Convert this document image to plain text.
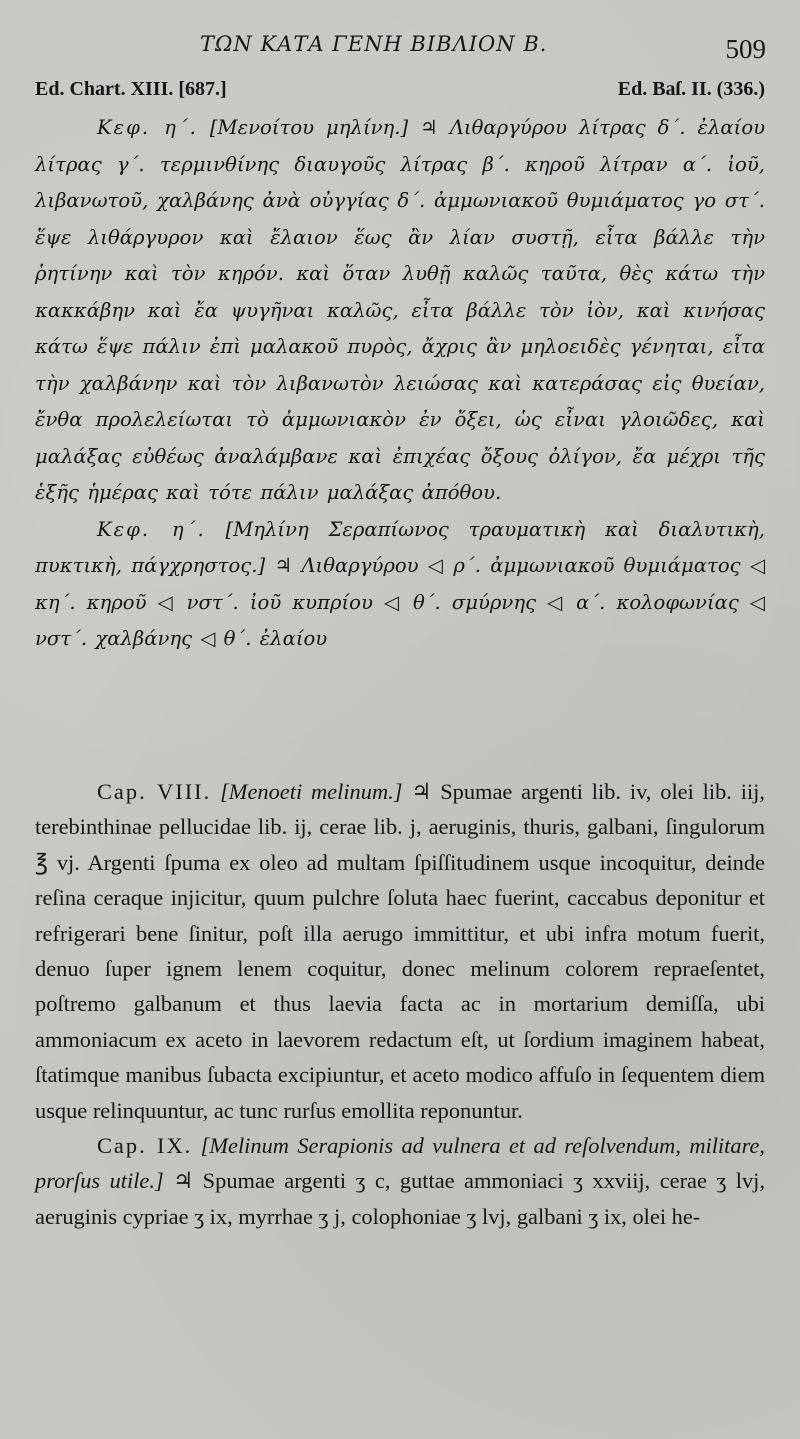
ΤΩΝ ΚΑΤΑ ΓΕΝΗ ΒΙΒΛΙΟΝ Β.	509
Ed. Chart. XIII. [687.]	Ed. Baſ. II. (336.)

Κεφ. η΄. [Μενοίτου μηλίνη.] ♃ Λιθαργύρου λίτρας δ΄. ἐλαίου λίτρας γ΄. τερμινθίνης διαυγοῦς λίτρας β΄. κηροῦ λίτραν α΄. ἰοῦ, λιβανωτοῦ, χαλβάνης ἀνὰ οὐγγίας δ΄. ἀμμωνιακοῦ θυμιάματος γο στ΄. ἕψε λιθάργυρον καὶ ἔλαιον ἕως ἂν λίαν συστῇ, εἶτα βάλλε τὴν ῥητίνην καὶ τὸν κηρόν. καὶ ὅταν λυθῇ καλῶς ταῦτα, θὲς κάτω τὴν κακκάβην καὶ ἔα ψυγῆναι καλῶς, εἶτα βάλλε τὸν ἰὸν, καὶ κινήσας κάτω ἕψε πάλιν ἐπὶ μαλακοῦ πυρὸς, ἄχρις ἂν μηλοειδὲς γένηται, εἶτα τὴν χαλβάνην καὶ τὸν λιβανωτὸν λειώσας καὶ κατεράσας εἰς θυείαν, ἔνθα προλελείωται τὸ ἀμμωνιακὸν ἐν ὄξει, ὡς εἶναι γλοιῶδες, καὶ μαλάξας εὐθέως ἀναλάμβανε καὶ ἐπιχέας ὄξους ὀλίγον, ἔα μέχρι τῆς ἑξῆς ἡμέρας καὶ τότε πάλιν μαλάξας ἀπόθου.

Κεφ. η΄. [Μηλίνη Σεραπίωνος τραυματικὴ καὶ διαλυτικὴ, πυκτικὴ, πάγχρηστος.] ♃ Λιθαργύρου ◁ ρ΄. ἀμμωνιακοῦ θυμιάματος ◁ κη΄. κηροῦ ◁ νστ΄. ἰοῦ κυπρίου ◁ θ΄. σμύρνης ◁ α΄. κολοφωνίας ◁ νστ΄. χαλβάνης ◁ θ΄. ἐλαίου

Cap. VIII. [Menoeti melinum.] ♃ Spumae argenti lib. iv, olei lib. iij, terebinthinae pellucidae lib. ij, cerae lib. j, aeruginis, thuris, galbani, ſingulorum ℥ vj. Argenti ſpuma ex oleo ad multam ſpiſſitudinem usque incoquitur, deinde reſina ceraque injicitur, quum pulchre ſoluta haec fuerint, caccabus deponitur et refrigerari bene ſinitur, poſt illa aerugo immittitur, et ubi infra motum fuerit, denuo ſuper ignem lenem coquitur, donec melinum colorem repraeſentet, poſtremo galbanum et thus laevia facta ac in mortarium demiſſa, ubi ammoniacum ex aceto in laevorem redactum eſt, ut ſordium imaginem habeat, ſtatimque manibus ſubacta excipiuntur, et aceto modico affuſo in ſequentem diem usque relinquuntur, ac tunc rurſus emollita reponuntur.

Cap. IX. [Melinum Serapionis ad vulnera et ad reſolvendum, militare, prorſus utile.] ♃ Spumae argenti ʒ c, guttae ammoniaci ʒ xxviij, cerae ʒ lvj, aeruginis cypriae ʒ ix, myrrhae ʒ j, colophoniae ʒ lvj, galbani ʒ ix, olei he-
